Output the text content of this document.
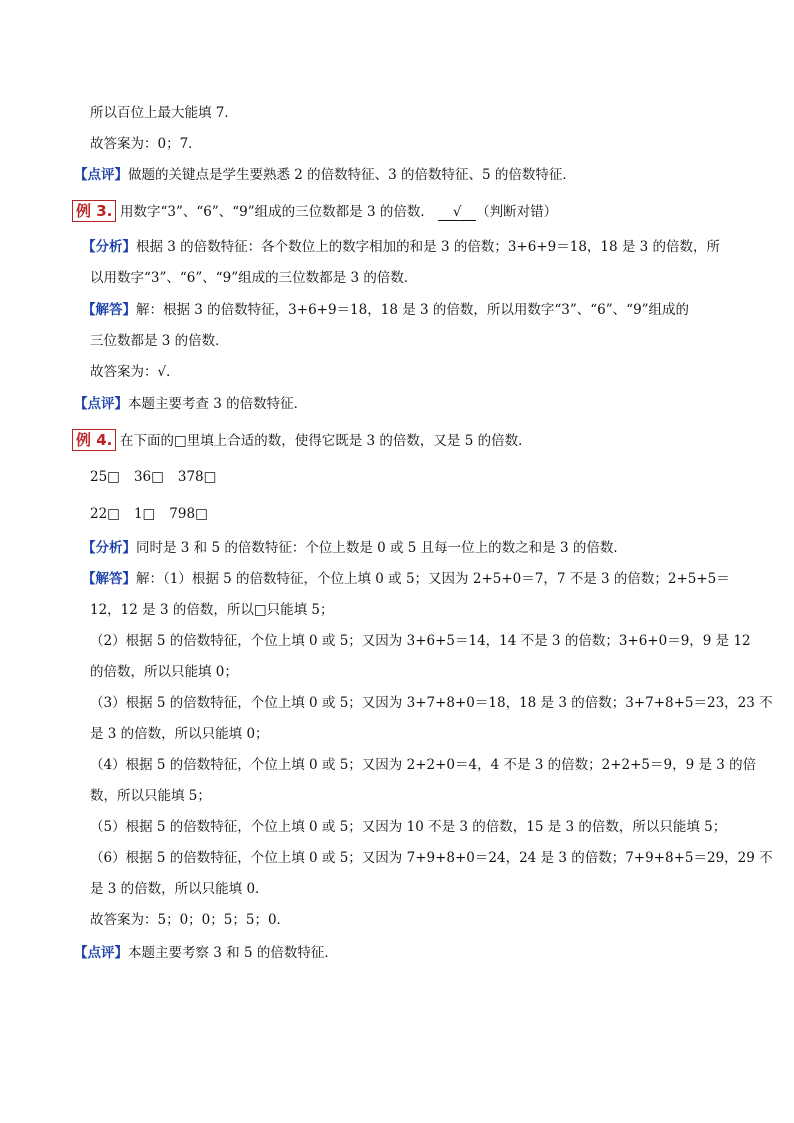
所以百位上最大能填 7．
故答案为：0；7．
【点评】做题的关键点是学生要熟悉 2 的倍数特征、3 的倍数特征、5 的倍数特征．
例 3. 用数字“3”、“6”、“9”组成的三位数都是 3 的倍数． √ （判断对错）
【分析】根据 3 的倍数特征：各个数位上的数字相加的和是 3 的倍数；3+6+9＝18，18 是 3 的倍数，所
以用数字“3”、“6”、“9”组成的三位数都是 3 的倍数．
【解答】解：根据 3 的倍数特征，3+6+9＝18，18 是 3 的倍数，所以用数字“3”、“6”、“9”组成的
三位数都是 3 的倍数．
故答案为：√．
【点评】本题主要考查 3 的倍数特征．
例 4. 在下面的□里填上合适的数，使得它既是 3 的倍数，又是 5 的倍数．
25□ 36□ 378□
22□ 1□ 798□
【分析】同时是 3 和 5 的倍数特征：个位上数是 0 或 5 且每一位上的数之和是 3 的倍数．
【解答】解：（1）根据 5 的倍数特征，个位上填 0 或 5；又因为 2+5+0＝7，7 不是 3 的倍数；2+5+5＝
12，12 是 3 的倍数，所以□只能填 5；
（2）根据 5 的倍数特征，个位上填 0 或 5；又因为 3+6+5＝14，14 不是 3 的倍数；3+6+0＝9，9 是 12
的倍数，所以只能填 0；
（3）根据 5 的倍数特征，个位上填 0 或 5；又因为 3+7+8+0＝18，18 是 3 的倍数；3+7+8+5＝23，23 不
是 3 的倍数，所以只能填 0；
（4）根据 5 的倍数特征，个位上填 0 或 5；又因为 2+2+0＝4，4 不是 3 的倍数；2+2+5＝9，9 是 3 的倍
数，所以只能填 5；
（5）根据 5 的倍数特征，个位上填 0 或 5；又因为 10 不是 3 的倍数，15 是 3 的倍数，所以只能填 5；
（6）根据 5 的倍数特征，个位上填 0 或 5；又因为 7+9+8+0＝24，24 是 3 的倍数；7+9+8+5＝29，29 不
是 3 的倍数，所以只能填 0．
故答案为：5；0；0；5；5；0．
【点评】本题主要考察 3 和 5 的倍数特征．
